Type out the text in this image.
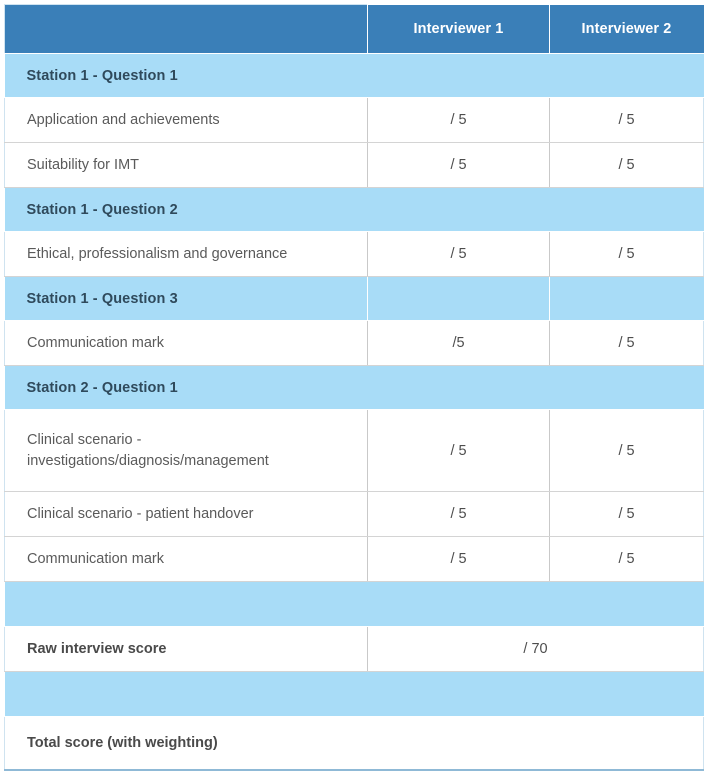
	Interviewer 1	Interviewer 2

Station 1 - Question 1		

Application and achievements	/ 5	/ 5

Suitability for IMT	/ 5	/ 5

Station 1 - Question 2		

Ethical, professionalism and governance	/ 5	/ 5

Station 1 - Question 3		

Communication mark	/5	/ 5

Station 2 - Question 1		

Clinical scenario - investigations/diagnosis/management	/ 5	/ 5

Clinical scenario - patient handover	/ 5	/ 5

Communication mark	/ 5	/ 5

Raw interview score	/ 70	

Total score (with weighting)		
